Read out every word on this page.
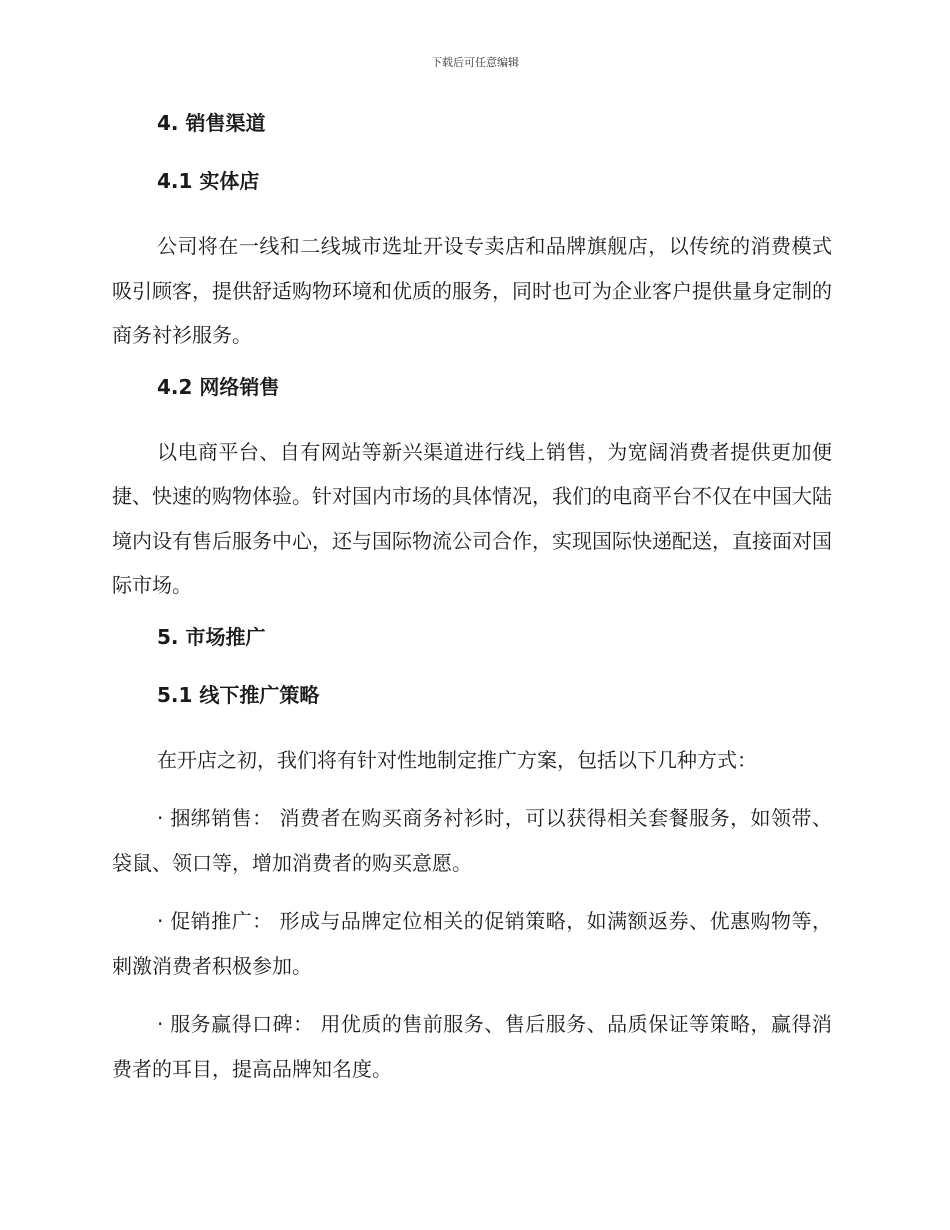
下载后可任意编辑
4. 销售渠道
4.1 实体店
公司将在一线和二线城市选址开设专卖店和品牌旗舰店，以传统的消费模式吸引顾客，提供舒适购物环境和优质的服务，同时也可为企业客户提供量身定制的商务衬衫服务。
4.2 网络销售
以电商平台、自有网站等新兴渠道进行线上销售，为宽阔消费者提供更加便捷、快速的购物体验。针对国内市场的具体情况，我们的电商平台不仅在中国大陆境内设有售后服务中心，还与国际物流公司合作，实现国际快递配送，直接面对国际市场。
5. 市场推广
5.1 线下推广策略
在开店之初，我们将有针对性地制定推广方案，包括以下几种方式：
· 捆绑销售： 消费者在购买商务衬衫时，可以获得相关套餐服务，如领带、袋鼠、领口等，增加消费者的购买意愿。
· 促销推广： 形成与品牌定位相关的促销策略，如满额返券、优惠购物等，刺激消费者积极参加。
· 服务赢得口碑： 用优质的售前服务、售后服务、品质保证等策略，赢得消费者的耳目，提高品牌知名度。
